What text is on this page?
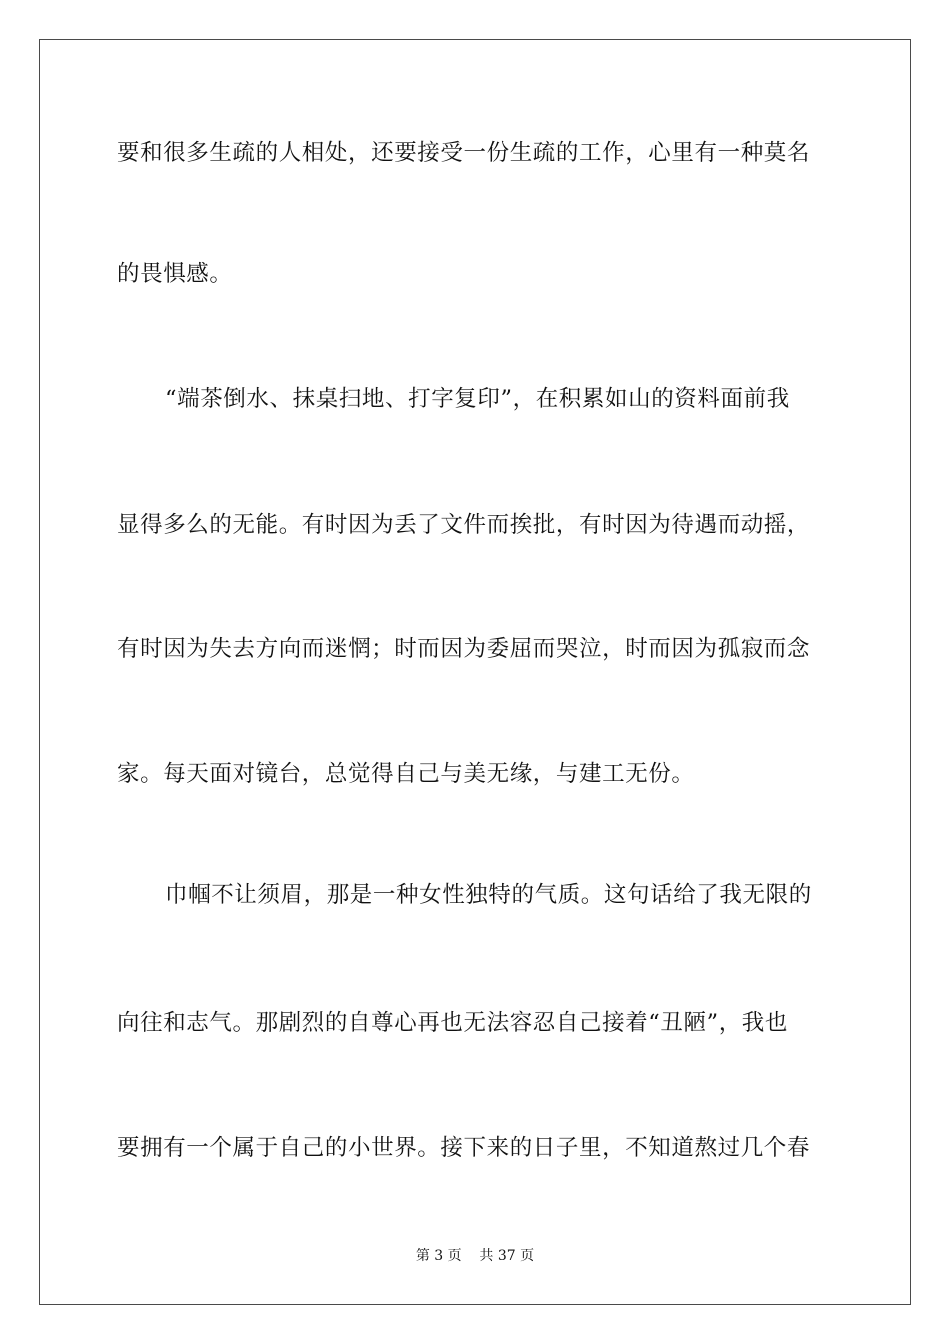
要和很多生疏的人相处，还要接受一份生疏的工作，心里有一种莫名
的畏惧感。
“端茶倒水、抹桌扫地、打字复印”，在积累如山的资料面前我
显得多么的无能。有时因为丢了文件而挨批，有时因为待遇而动摇，
有时因为失去方向而迷惘；时而因为委屈而哭泣，时而因为孤寂而念
家。每天面对镜台，总觉得自己与美无缘，与建工无份。
巾帼不让须眉，那是一种女性独特的气质。这句话给了我无限的
向往和志气。那剧烈的自尊心再也无法容忍自己接着“丑陋”，我也
要拥有一个属于自己的小世界。接下来的日子里，不知道熬过几个春
第 3 页    共 37 页
